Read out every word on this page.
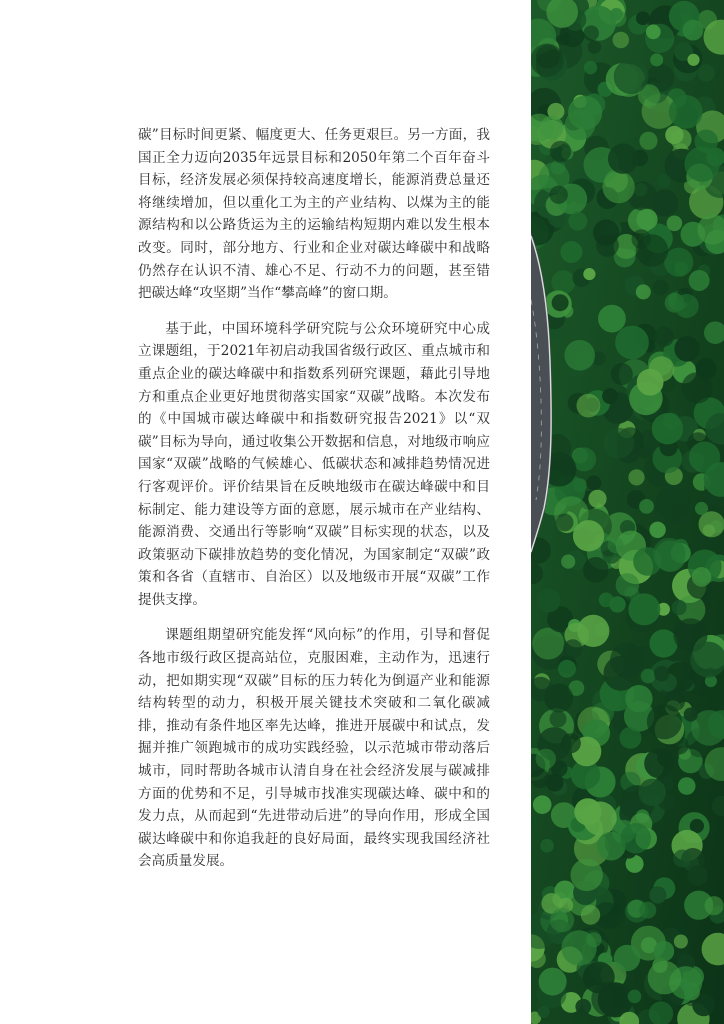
碳”目标时间更紧、幅度更大、任务更艰巨。另一方面，我国正全力迈向2035年远景目标和2050年第二个百年奋斗目标，经济发展必须保持较高速度增长，能源消费总量还将继续增加，但以重化工为主的产业结构、以煤为主的能源结构和以公路货运为主的运输结构短期内难以发生根本改变。同时，部分地方、行业和企业对碳达峰碳中和战略仍然存在认识不清、雄心不足、行动不力的问题，甚至错把碳达峰“攻坚期”当作“攀高峰”的窗口期。

基于此，中国环境科学研究院与公众环境研究中心成立课题组，于2021年初启动我国省级行政区、重点城市和重点企业的碳达峰碳中和指数系列研究课题，藉此引导地方和重点企业更好地贯彻落实国家“双碳”战略。本次发布的《中国城市碳达峰碳中和指数研究报告2021》以“双碳”目标为导向，通过收集公开数据和信息，对地级市响应国家“双碳”战略的气候雄心、低碳状态和减排趋势情况进行客观评价。评价结果旨在反映地级市在碳达峰碳中和目标制定、能力建设等方面的意愿，展示城市在产业结构、能源消费、交通出行等影响“双碳”目标实现的状态，以及政策驱动下碳排放趋势的变化情况，为国家制定“双碳”政策和各省（直辖市、自治区）以及地级市开展“双碳”工作提供支撑。

课题组期望研究能发挥“风向标”的作用，引导和督促各地市级行政区提高站位，克服困难，主动作为，迅速行动，把如期实现“双碳”目标的压力转化为倒逼产业和能源结构转型的动力，积极开展关键技术突破和二氧化碳减排，推动有条件地区率先达峰，推进开展碳中和试点，发掘并推广领跑城市的成功实践经验，以示范城市带动落后城市，同时帮助各城市认清自身在社会经济发展与碳减排方面的优势和不足，引导城市找准实现碳达峰、碳中和的发力点，从而起到“先进带动后进”的导向作用，形成全国碳达峰碳中和你追我赶的良好局面，最终实现我国经济社会高质量发展。
